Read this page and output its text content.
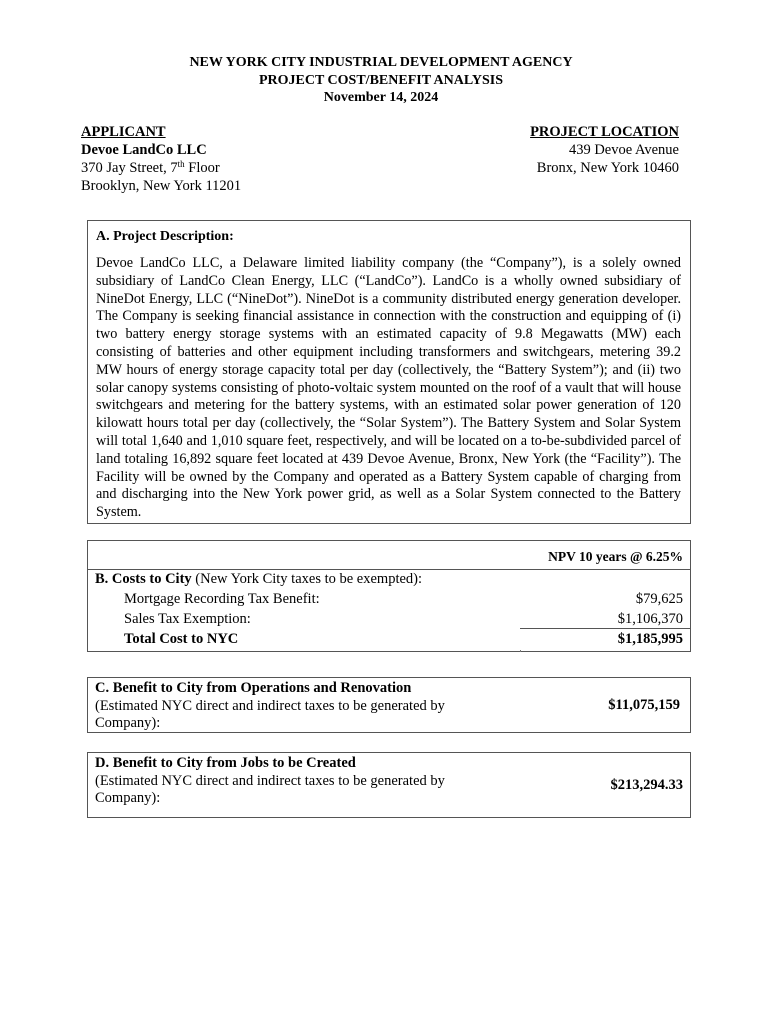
NEW YORK CITY INDUSTRIAL DEVELOPMENT AGENCY
PROJECT COST/BENEFIT ANALYSIS
November 14, 2024
APPLICANT
Devoe LandCo LLC
370 Jay Street, 7th Floor
Brooklyn, New York 11201
PROJECT LOCATION
439 Devoe Avenue
Bronx, New York 10460
A. Project Description:
Devoe LandCo LLC, a Delaware limited liability company (the “Company”), is a solely owned subsidiary of LandCo Clean Energy, LLC (“LandCo”). LandCo is a wholly owned subsidiary of NineDot Energy, LLC (“NineDot”). NineDot is a community distributed energy generation developer. The Company is seeking financial assistance in connection with the construction and equipping of (i) two battery energy storage systems with an estimated capacity of 9.8 Megawatts (MW) each consisting of batteries and other equipment including transformers and switchgears, metering 39.2 MW hours of energy storage capacity total per day (collectively, the “Battery System”); and (ii) two solar canopy systems consisting of photo-voltaic system mounted on the roof of a vault that will house switchgears and metering for the battery systems, with an estimated solar power generation of 120 kilowatt hours total per day (collectively, the “Solar System”). The Battery System and Solar System will total 1,640 and 1,010 square feet, respectively, and will be located on a to-be-subdivided parcel of land totaling 16,892 square feet located at 439 Devoe Avenue, Bronx, New York (the “Facility”). The Facility will be owned by the Company and operated as a Battery System capable of charging from and discharging into the New York power grid, as well as a Solar System connected to the Battery System.
NPV 10 years @ 6.25%
B. Costs to City (New York City taxes to be exempted):
Mortgage Recording Tax Benefit:	$79,625
Sales Tax Exemption:	$1,106,370
Total Cost to NYC	$1,185,995
C. Benefit to City from Operations and Renovation
(Estimated NYC direct and indirect taxes to be generated by Company):
$11,075,159
D. Benefit to City from Jobs to be Created
(Estimated NYC direct and indirect taxes to be generated by Company):
$213,294.33
